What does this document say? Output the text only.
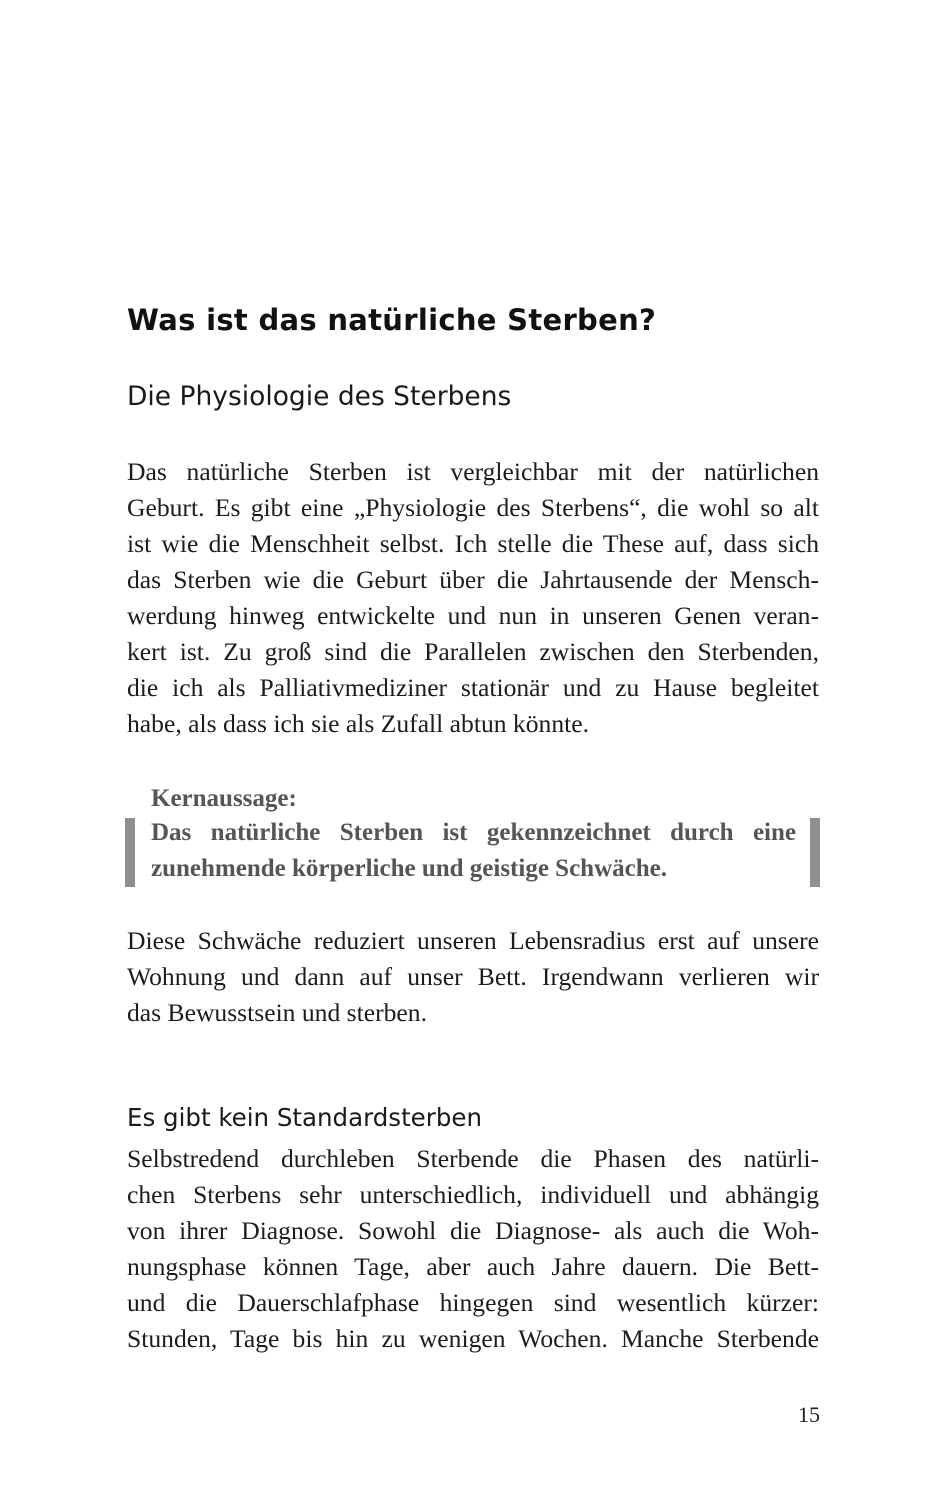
Was ist das natürliche Sterben?
Die Physiologie des Sterbens
Das natürliche Sterben ist vergleichbar mit der natürlichen
Geburt. Es gibt eine „Physiologie des Sterbens“, die wohl so alt
ist wie die Menschheit selbst. Ich stelle die These auf, dass sich
das Sterben wie die Geburt über die Jahrtausende der Mensch-
werdung hinweg entwickelte und nun in unseren Genen veran-
kert ist. Zu groß sind die Parallelen zwischen den Sterbenden,
die ich als Palliativmediziner stationär und zu Hause begleitet
habe, als dass ich sie als Zufall abtun könnte.
Kernaussage:
Das natürliche Sterben ist gekennzeichnet durch eine
zunehmende körperliche und geistige Schwäche.
Diese Schwäche reduziert unseren Lebensradius erst auf unsere
Wohnung und dann auf unser Bett. Irgendwann verlieren wir
das Bewusstsein und sterben.
Es gibt kein Standardsterben
Selbstredend durchleben Sterbende die Phasen des natürli-
chen Sterbens sehr unterschiedlich, individuell und abhängig
von ihrer Diagnose. Sowohl die Diagnose- als auch die Woh-
nungsphase können Tage, aber auch Jahre dauern. Die Bett-
und die Dauerschlafphase hingegen sind wesentlich kürzer:
Stunden, Tage bis hin zu wenigen Wochen. Manche Sterbende
15
